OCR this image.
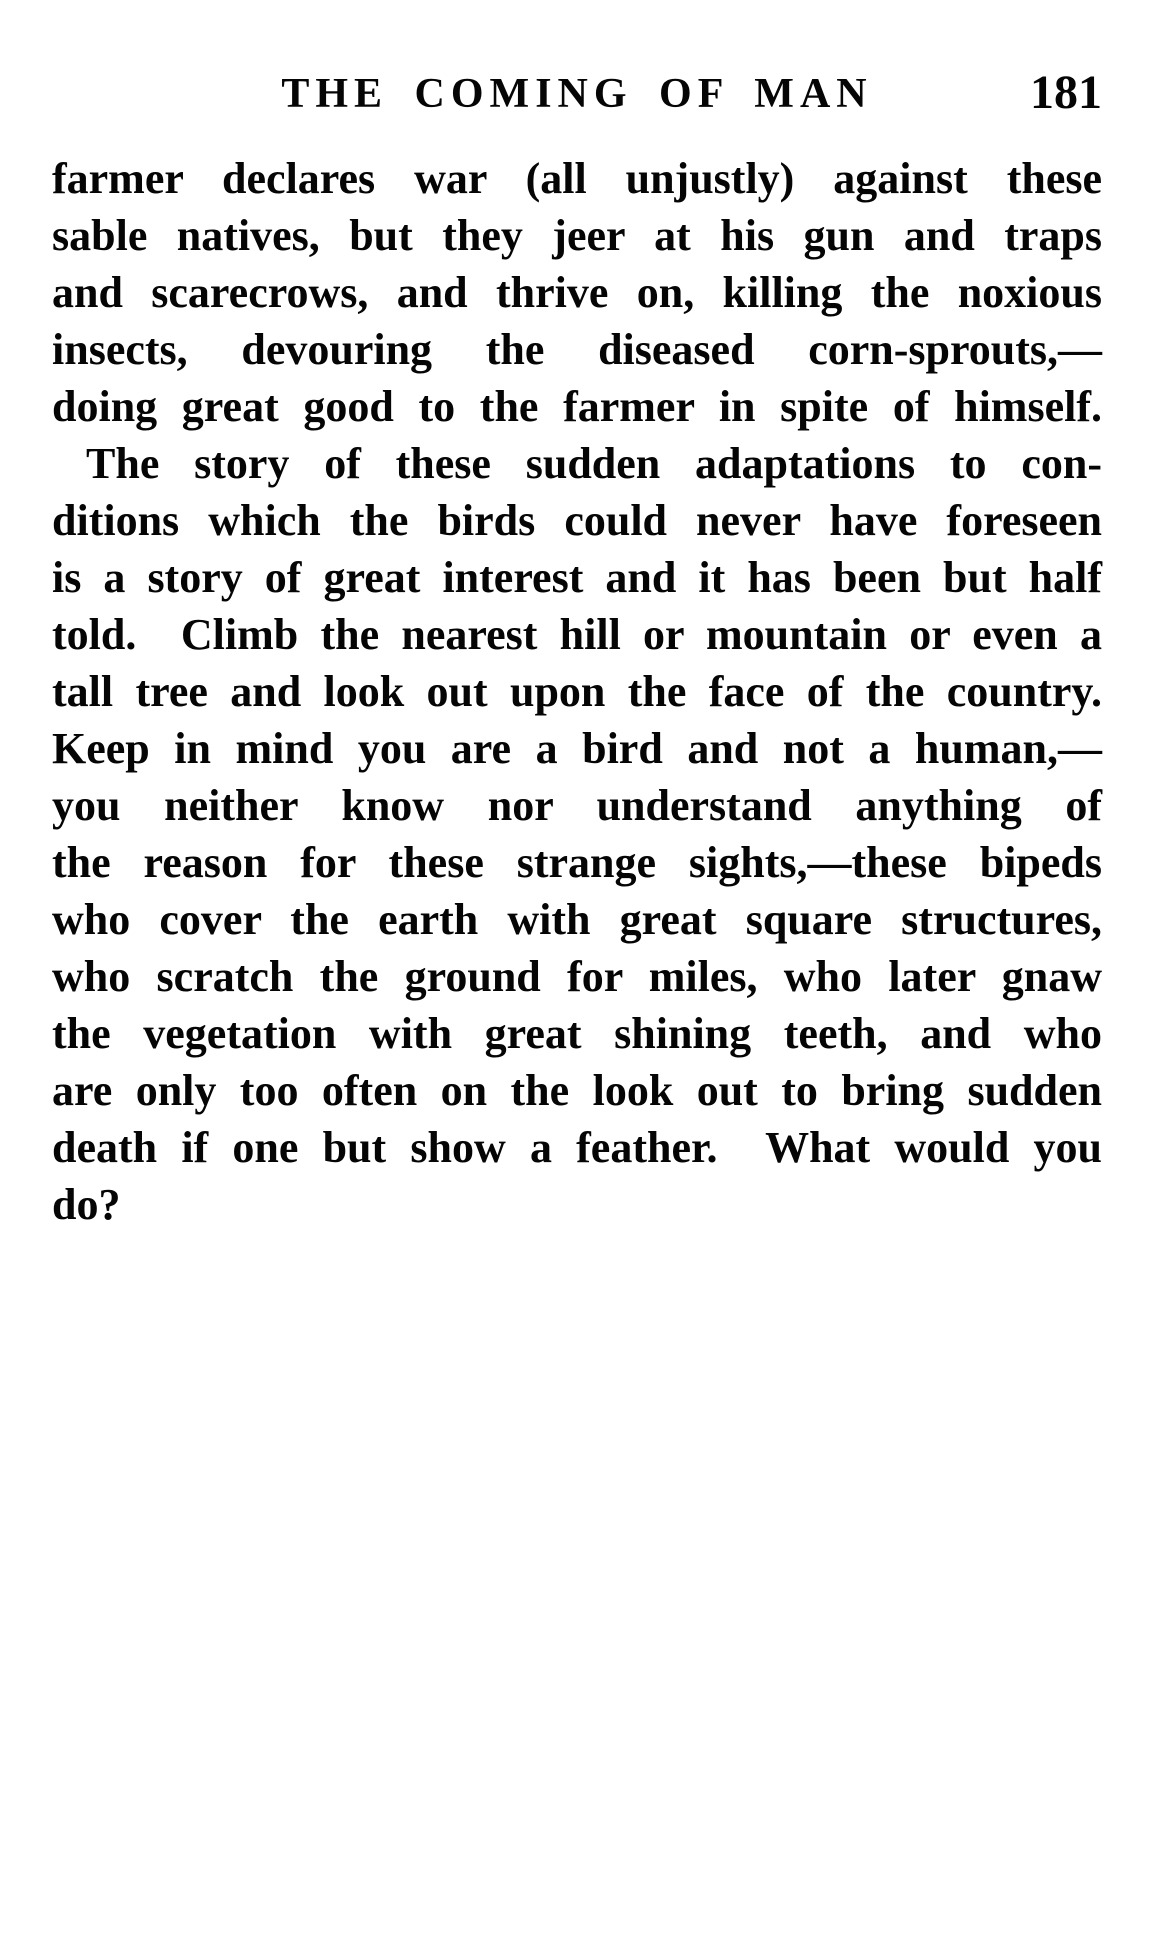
THE COMING OF MAN	181
farmer declares war (all unjustly) against these
sable natives, but they jeer at his gun and traps
and scarecrows, and thrive on, killing the noxious
insects, devouring the diseased corn-sprouts,—
doing great good to the farmer in spite of himself.
The story of these sudden adaptations to con-
ditions which the birds could never have foreseen
is a story of great interest and it has been but half
told.  Climb the nearest hill or mountain or even a
tall tree and look out upon the face of the country.
Keep in mind you are a bird and not a human,—
you neither know nor understand anything of
the reason for these strange sights,—these bipeds
who cover the earth with great square structures,
who scratch the ground for miles, who later gnaw
the vegetation with great shining teeth, and who
are only too often on the look out to bring sudden
death if one but show a feather.  What would you
do?
